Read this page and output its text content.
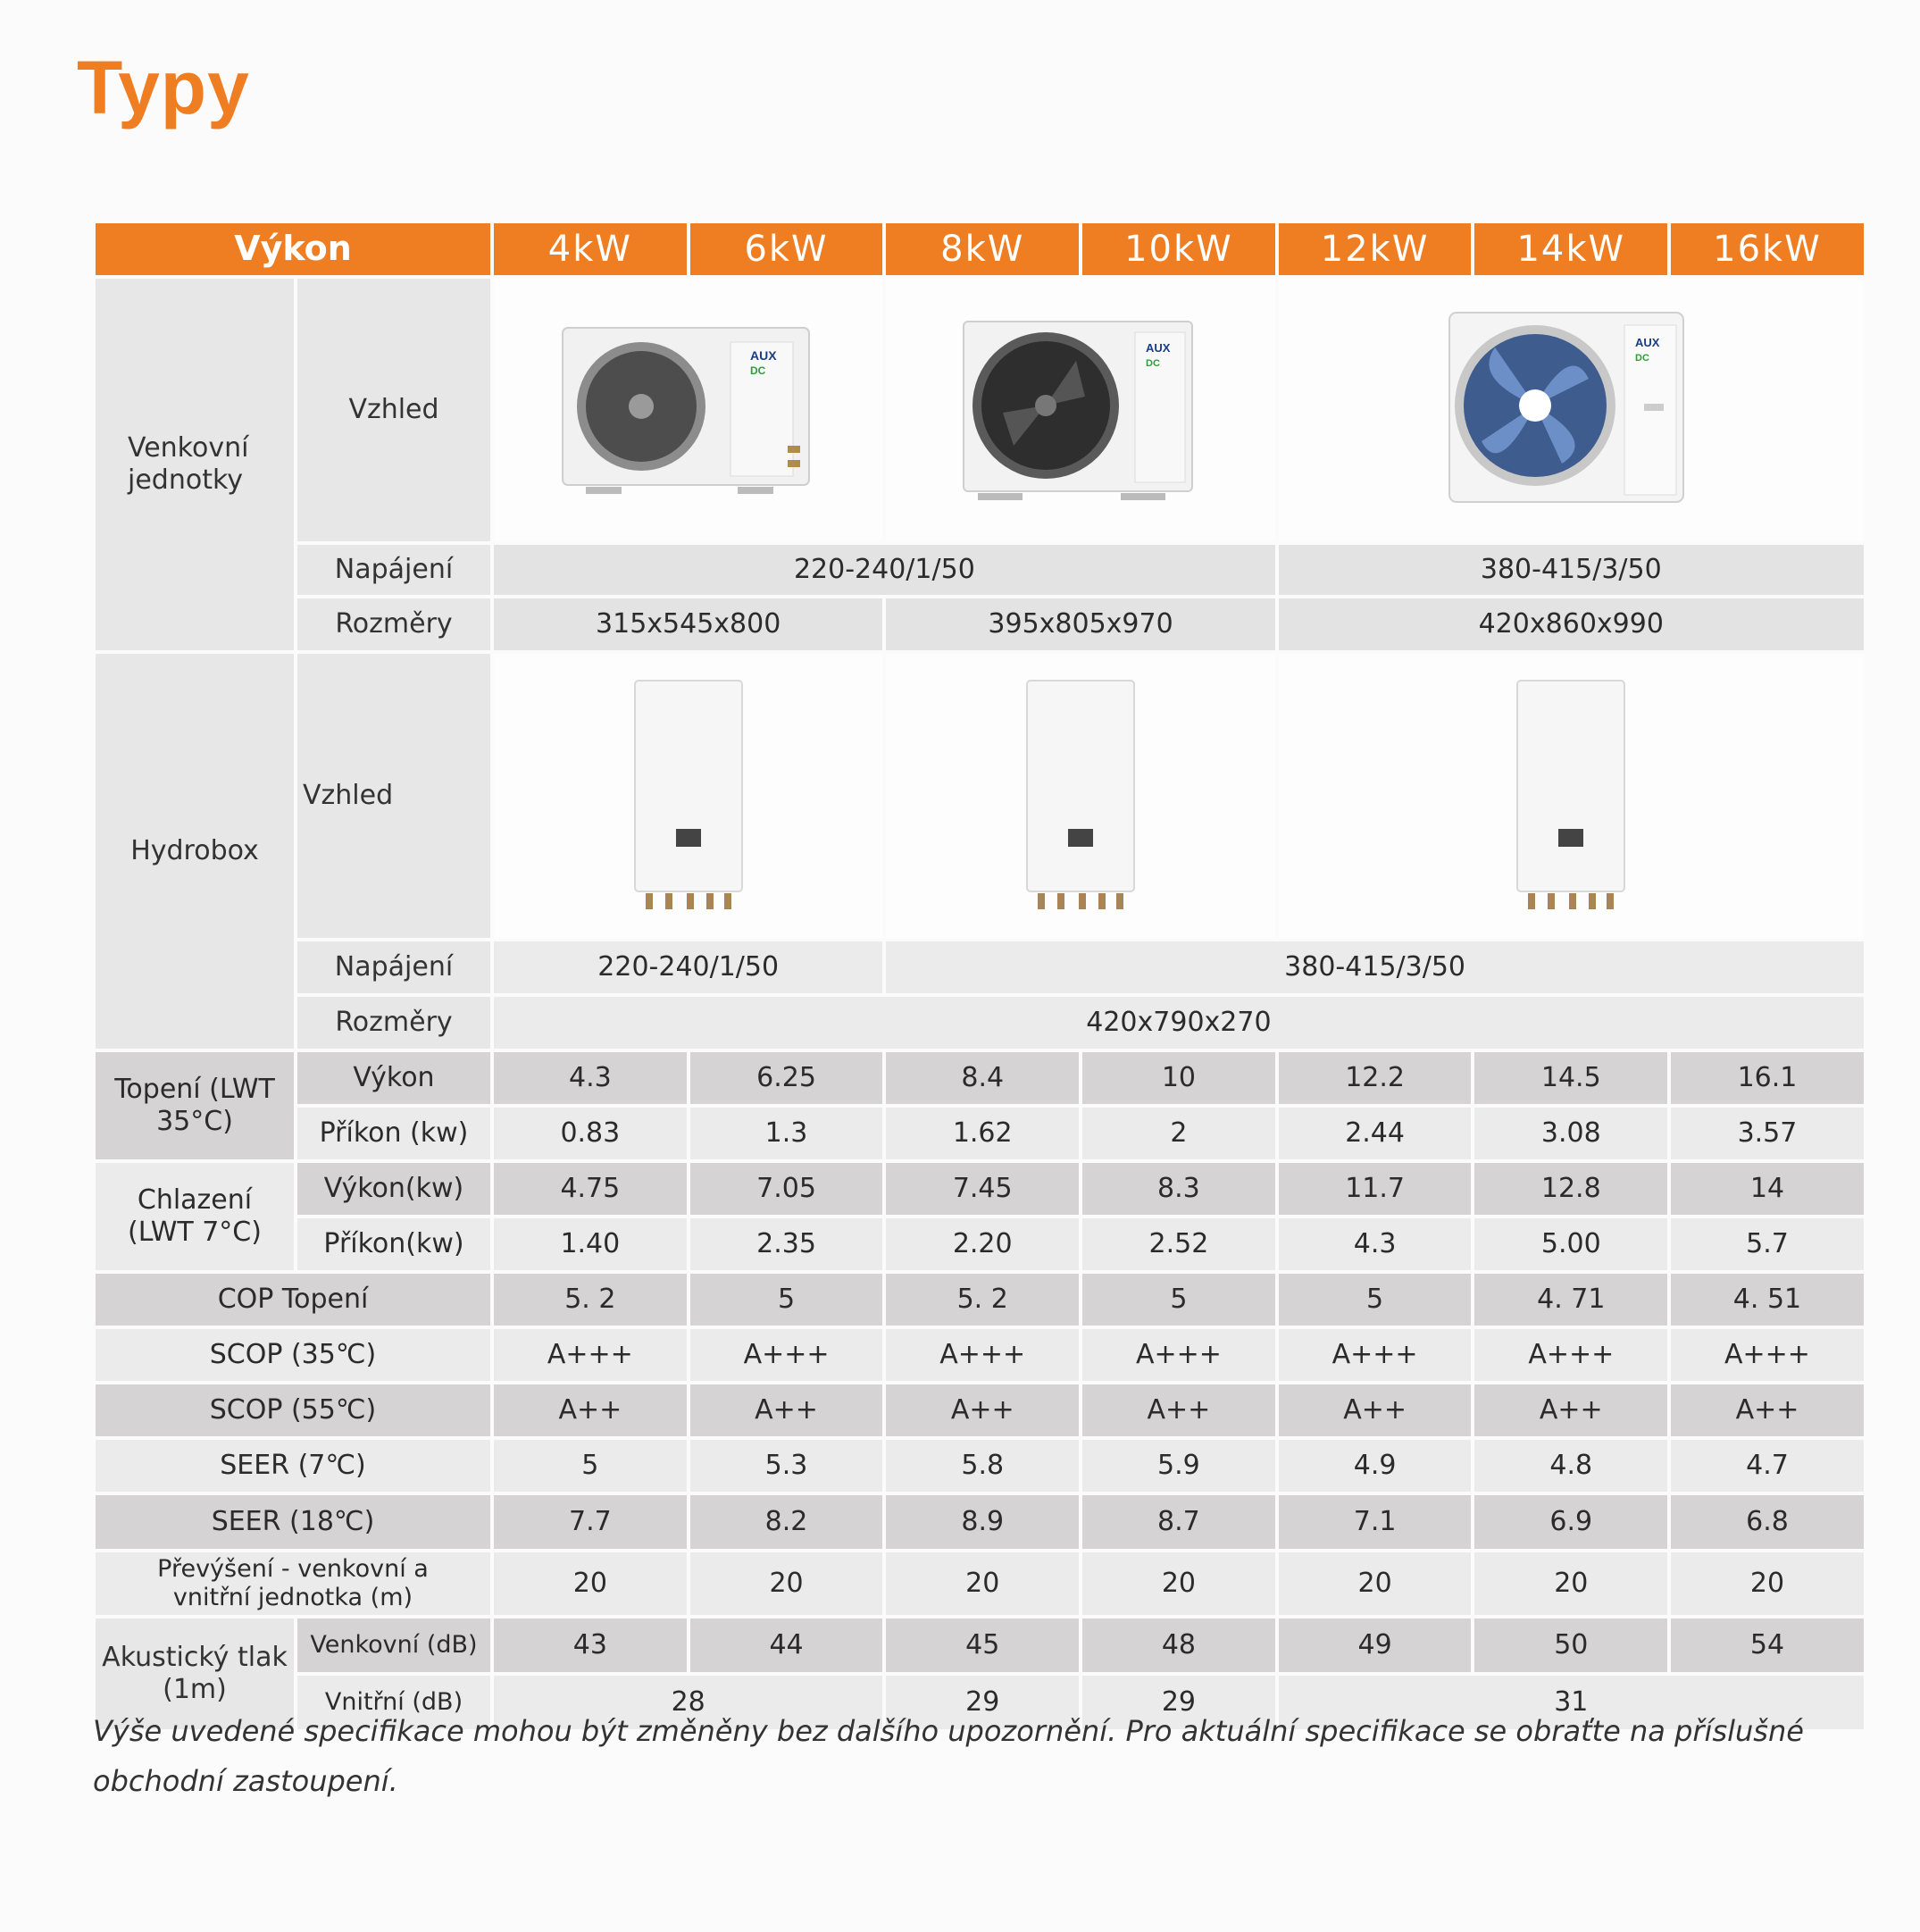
Typy
Výkon	4kW	6kW	8kW	10kW	12kW	14kW	16kW
Venkovní jednotky
Vzhled
AUX
DC
AUX
DC
AUX
DC
Napájení	220-240/1/50	380-415/3/50
Rozměry	315x545x800	395x805x970	420x860x990
Hydrobox
Vzhled
Napájení	220-240/1/50	380-415/3/50
Rozměry	420x790x270
Topení (LWT 35°C)
Výkon	4.3	6.25	8.4	10	12.2	14.5	16.1
Příkon (kw)	0.83	1.3	1.62	2	2.44	3.08	3.57
Chlazení (LWT 7°C)
Výkon(kw)	4.75	7.05	7.45	8.3	11.7	12.8	14
Příkon(kw)	1.40	2.35	2.20	2.52	4.3	5.00	5.7
COP Topení	5. 2	5	5. 2	5	5	4. 71	4. 51
SCOP (35℃)	A+++	A+++	A+++	A+++	A+++	A+++	A+++
SCOP (55℃)	A++	A++	A++	A++	A++	A++	A++
SEER (7℃)	5	5.3	5.8	5.9	4.9	4.8	4.7
SEER (18℃)	7.7	8.2	8.9	8.7	7.1	6.9	6.8
Převýšení - venkovní a vnitřní jednotka (m)	20	20	20	20	20	20	20
Akustický tlak (1m)
Venkovní (dB)	43	44	45	48	49	50	54
Vnitřní (dB)	28	29	29	31
Výše uvedené specifikace mohou být změněny bez dalšího upozornění. Pro aktuální specifikace se obraťte na příslušné obchodní zastoupení.
